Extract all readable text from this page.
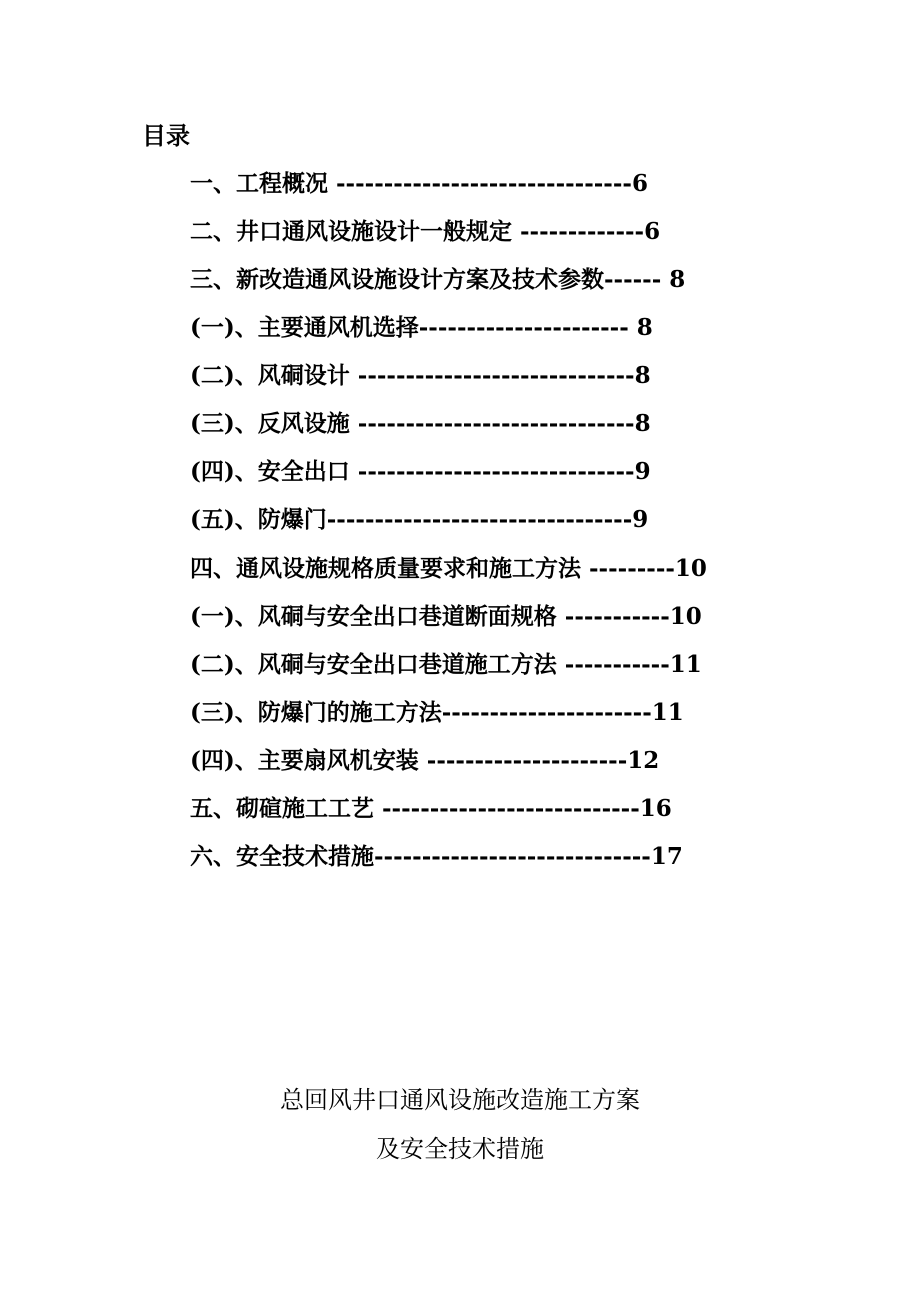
目录
一、工程概况 -------------------------------6
二、井口通风设施设计一般规定 -------------6
三、新改造通风设施设计方案及技术参数------ 8
(一)、主要通风机选择---------------------- 8
(二)、风硐设计 -----------------------------8
(三)、反风设施 -----------------------------8
(四)、安全出口 -----------------------------9
(五)、防爆门--------------------------------9
四、通风设施规格质量要求和施工方法 ---------10
(一)、风硐与安全出口巷道断面规格 -----------10
(二)、风硐与安全出口巷道施工方法 -----------11
(三)、防爆门的施工方法----------------------11
(四)、主要扇风机安装 ---------------------12
五、砌碹施工工艺 ---------------------------16
六、安全技术措施-----------------------------17
总回风井口通风设施改造施工方案
及安全技术措施
